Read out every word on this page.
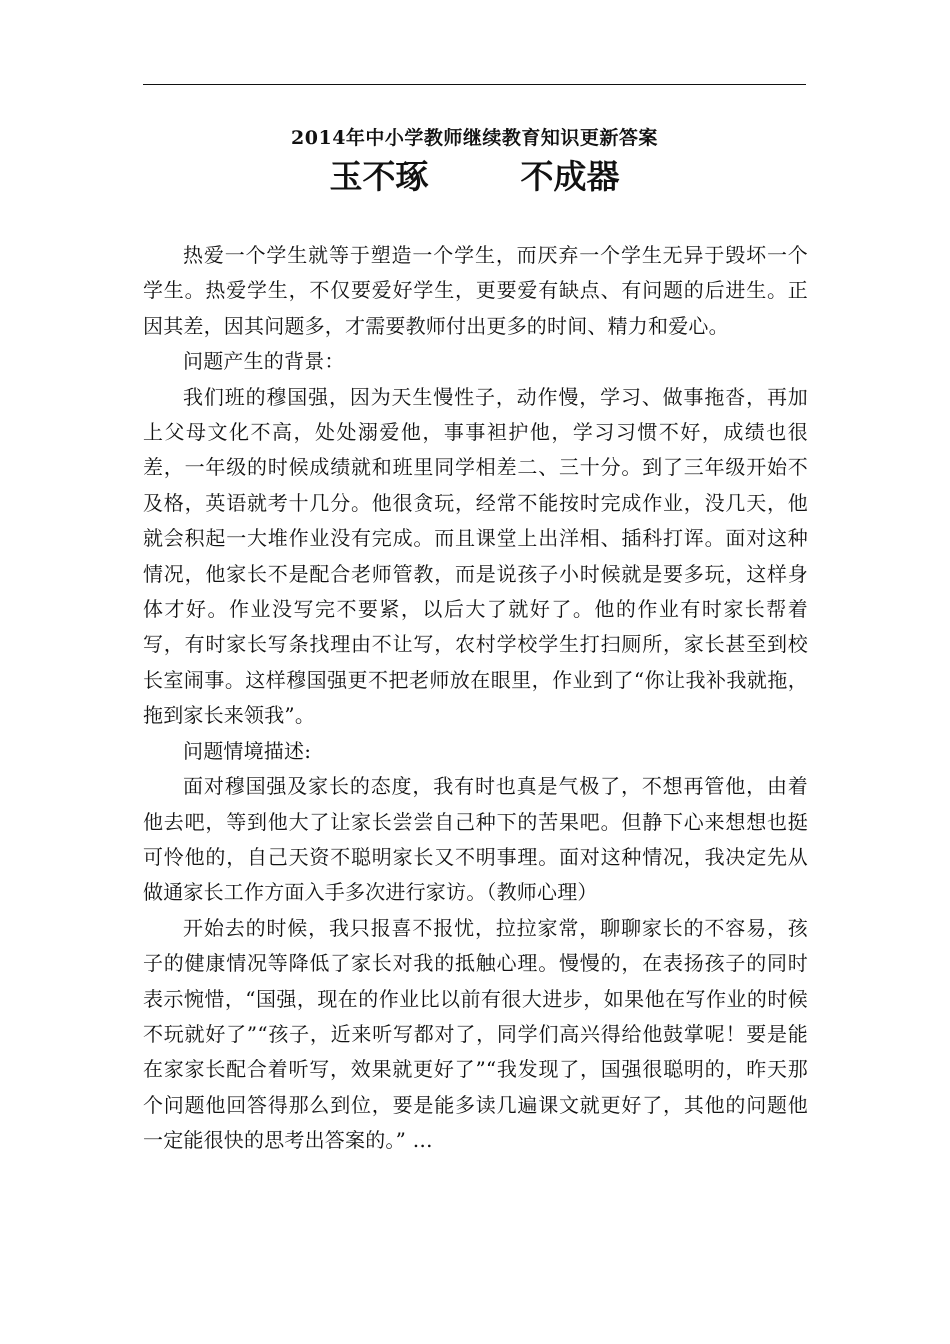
2014年中小学教师继续教育知识更新答案
玉不琢        不成器

热爱一个学生就等于塑造一个学生，而厌弃一个学生无异于毁坏一个学生。热爱学生，不仅要爱好学生，更要爱有缺点、有问题的后进生。正因其差，因其问题多，才需要教师付出更多的时间、精力和爱心。

问题产生的背景：

我们班的穆国强，因为天生慢性子，动作慢，学习、做事拖沓，再加上父母文化不高，处处溺爱他，事事袒护他，学习习惯不好，成绩也很差，一年级的时候成绩就和班里同学相差二、三十分。到了三年级开始不及格，英语就考十几分。他很贪玩，经常不能按时完成作业，没几天，他就会积起一大堆作业没有完成。而且课堂上出洋相、插科打诨。面对这种情况，他家长不是配合老师管教，而是说孩子小时候就是要多玩，这样身体才好。作业没写完不要紧，以后大了就好了。他的作业有时家长帮着写，有时家长写条找理由不让写，农村学校学生打扫厕所，家长甚至到校长室闹事。这样穆国强更不把老师放在眼里，作业到了“你让我补我就拖，拖到家长来领我”。

问题情境描述:

面对穆国强及家长的态度，我有时也真是气极了，不想再管他，由着他去吧，等到他大了让家长尝尝自己种下的苦果吧。但静下心来想想也挺可怜他的，自己天资不聪明家长又不明事理。面对这种情况，我决定先从做通家长工作方面入手多次进行家访。（教师心理）

开始去的时候，我只报喜不报忧，拉拉家常，聊聊家长的不容易，孩子的健康情况等降低了家长对我的抵触心理。慢慢的，在表扬孩子的同时表示惋惜，“国强，现在的作业比以前有很大进步，如果他在写作业的时候不玩就好了”“孩子，近来听写都对了，同学们高兴得给他鼓掌呢！要是能在家家长配合着听写，效果就更好了”“我发现了，国强很聪明的，昨天那个问题他回答得那么到位，要是能多读几遍课文就更好了，其他的问题他一定能很快的思考出答案的。” …
